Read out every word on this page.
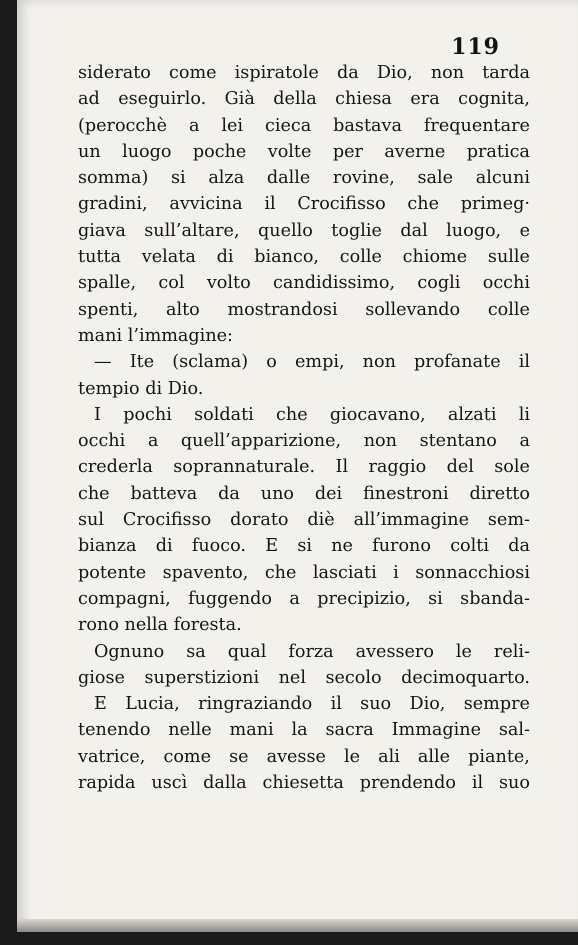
119
siderato come ispiratole da Dio, non tarda
ad eseguirlo. Già della chiesa era cognita,
(perocchè a lei cieca bastava frequentare
un luogo poche volte per averne pratica
somma) si alza dalle rovine, sale alcuni
gradini, avvicina il Crocifisso che primeg·
giava sull’altare, quello toglie dal luogo, e
tutta velata di bianco, colle chiome sulle
spalle, col volto candidissimo, cogli occhi
spenti, alto mostrandosi sollevando colle
mani l’immagine:
— Ite (sclama) o empi, non profanate il
tempio di Dio.
I pochi soldati che giocavano, alzati li
occhi a quell’apparizione, non stentano a
crederla soprannaturale. Il raggio del sole
che batteva da uno dei finestroni diretto
sul Crocifisso dorato diè all’immagine sem-
bianza di fuoco. E si ne furono colti da
potente spavento, che lasciati i sonnacchiosi
compagni, fuggendo a precipizio, si sbanda-
rono nella foresta.
Ognuno sa qual forza avessero le reli-
giose superstizioni nel secolo decimoquarto.
E Lucia, ringraziando il suo Dio, sempre
tenendo nelle mani la sacra Immagine sal-
vatrice, come se avesse le ali alle piante,
rapida uscì dalla chiesetta prendendo il suo
